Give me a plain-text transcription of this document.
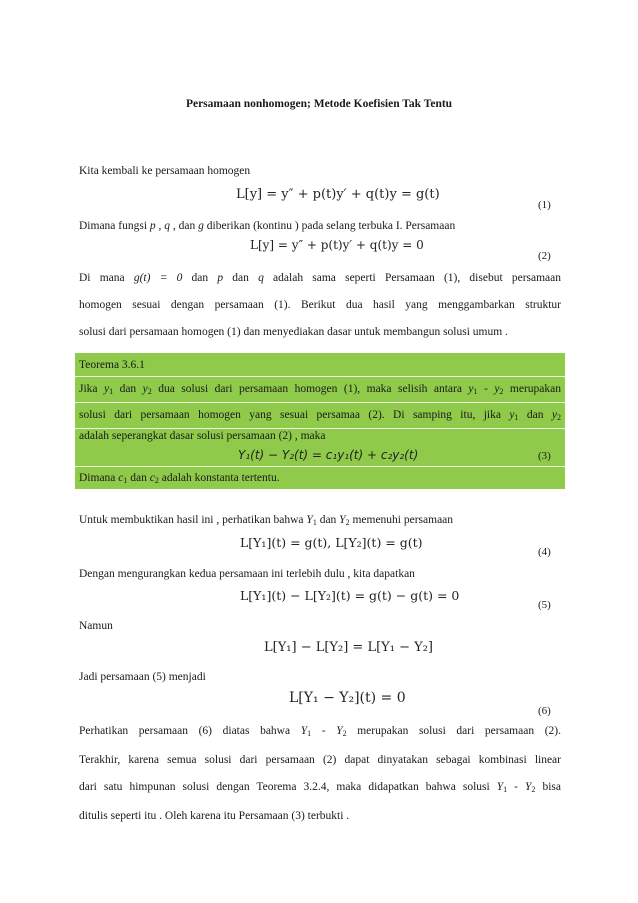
Persamaan nonhomogen; Metode Koefisien Tak Tentu
Kita kembali ke persamaan homogen
L[y] = y″ + p(t)y′ + q(t)y = g(t)
(1)
Dimana fungsi p , q , dan g diberikan (kontinu ) pada selang terbuka I. Persamaan
L[y] = y″ + p(t)y′ + q(t)y = 0
(2)
Di mana g(t) = 0 dan p dan q adalah sama seperti Persamaan (1), disebut persamaan
homogen sesuai dengan persamaan (1). Berikut dua hasil yang menggambarkan struktur
solusi dari persamaan homogen (1) dan menyediakan dasar untuk membangun solusi umum .
Teorema 3.6.1
Jika $y_1$ dan $y_2$ dua solusi dari persamaan homogen (1), maka selisih antara $y_1 - y_2$ merupakan
solusi dari persamaan homogen yang sesuai persamaa (2). Di samping itu, jika $y_1$ dan $y_2$
adalah seperangkat dasar solusi persamaan (2) , maka
Y₁(t) − Y₂(t) = c₁y₁(t) + c₂y₂(t)	(3)
Dimana $c_1$ dan $c_2$ adalah konstanta tertentu.
Untuk membuktikan hasil ini , perhatikan bahwa $Y_1$ dan $Y_2$ memenuhi persamaan
L[Y₁](t) = g(t), L[Y₂](t) = g(t)
(4)
Dengan mengurangkan kedua persamaan ini terlebih dulu , kita dapatkan
L[Y₁](t) − L[Y₂](t) = g(t) − g(t) = 0
(5)
Namun
L[Y₁] − L[Y₂] = L[Y₁ − Y₂]
Jadi persamaan (5) menjadi
L[Y₁ − Y₂](t) = 0
(6)
Perhatikan persamaan (6) diatas bahwa $Y_1 - Y_2$ merupakan solusi dari persamaan (2).
Terakhir, karena semua solusi dari persamaan (2) dapat dinyatakan sebagai kombinasi linear
dari satu himpunan solusi dengan Teorema 3.2.4, maka didapatkan bahwa solusi $Y_1 - Y_2$ bisa
ditulis seperti itu . Oleh karena itu Persamaan (3) terbukti .
